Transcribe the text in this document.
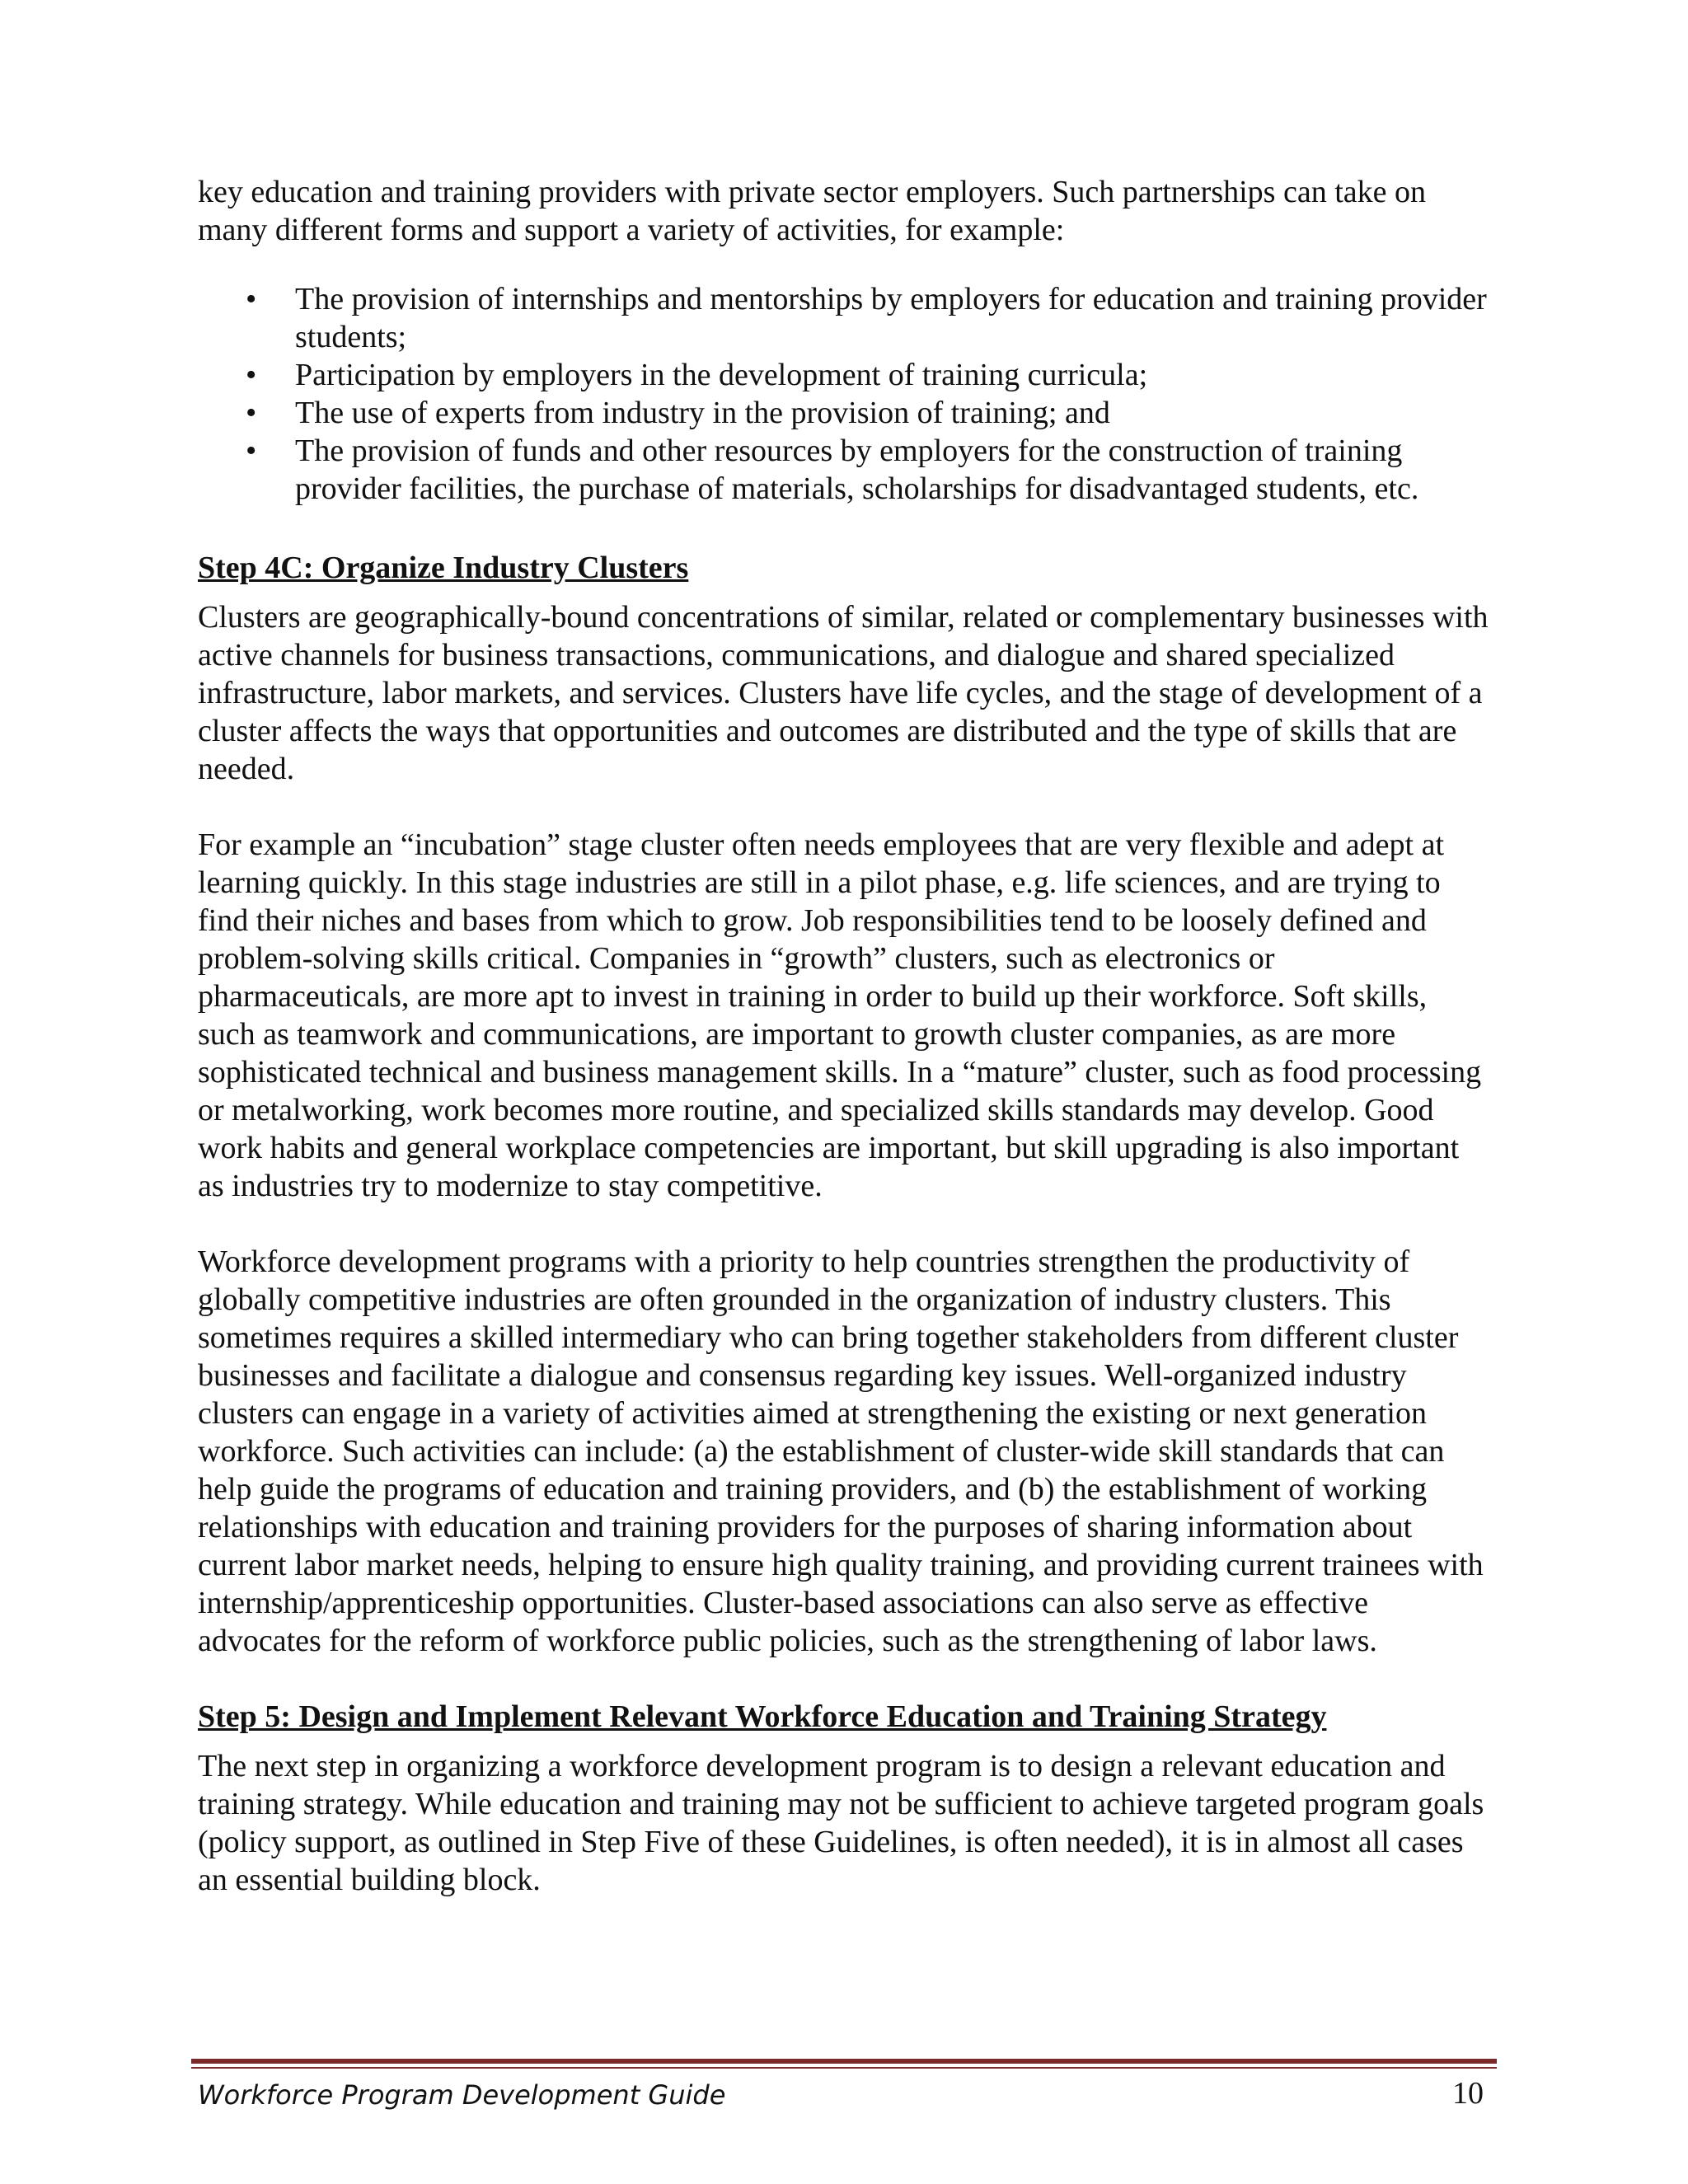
key education and training providers with private sector employers. Such partnerships can take on many different forms and support a variety of activities, for example:

• The provision of internships and mentorships by employers for education and training provider students;
• Participation by employers in the development of training curricula;
• The use of experts from industry in the provision of training; and
• The provision of funds and other resources by employers for the construction of training provider facilities, the purchase of materials, scholarships for disadvantaged students, etc.
Step 4C: Organize Industry Clusters

Clusters are geographically-bound concentrations of similar, related or complementary businesses with active channels for business transactions, communications, and dialogue and shared specialized infrastructure, labor markets, and services. Clusters have life cycles, and the stage of development of a cluster affects the ways that opportunities and outcomes are distributed and the type of skills that are needed.

For example an “incubation” stage cluster often needs employees that are very flexible and adept at learning quickly. In this stage industries are still in a pilot phase, e.g. life sciences, and are trying to find their niches and bases from which to grow. Job responsibilities tend to be loosely defined and problem-solving skills critical. Companies in “growth” clusters, such as electronics or pharmaceuticals, are more apt to invest in training in order to build up their workforce. Soft skills, such as teamwork and communications, are important to growth cluster companies, as are more sophisticated technical and business management skills. In a “mature” cluster, such as food processing or metalworking, work becomes more routine, and specialized skills standards may develop. Good work habits and general workplace competencies are important, but skill upgrading is also important as industries try to modernize to stay competitive.

Workforce development programs with a priority to help countries strengthen the productivity of globally competitive industries are often grounded in the organization of industry clusters. This sometimes requires a skilled intermediary who can bring together stakeholders from different cluster businesses and facilitate a dialogue and consensus regarding key issues. Well-organized industry clusters can engage in a variety of activities aimed at strengthening the existing or next generation workforce. Such activities can include: (a) the establishment of cluster-wide skill standards that can help guide the programs of education and training providers, and (b) the establishment of working relationships with education and training providers for the purposes of sharing information about current labor market needs, helping to ensure high quality training, and providing current trainees with internship/apprenticeship opportunities. Cluster-based associations can also serve as effective advocates for the reform of workforce public policies, such as the strengthening of labor laws.

Step 5: Design and Implement Relevant Workforce Education and Training Strategy

The next step in organizing a workforce development program is to design a relevant education and training strategy. While education and training may not be sufficient to achieve targeted program goals (policy support, as outlined in Step Five of these Guidelines, is often needed), it is in almost all cases an essential building block.

Workforce Program Development Guide	10
